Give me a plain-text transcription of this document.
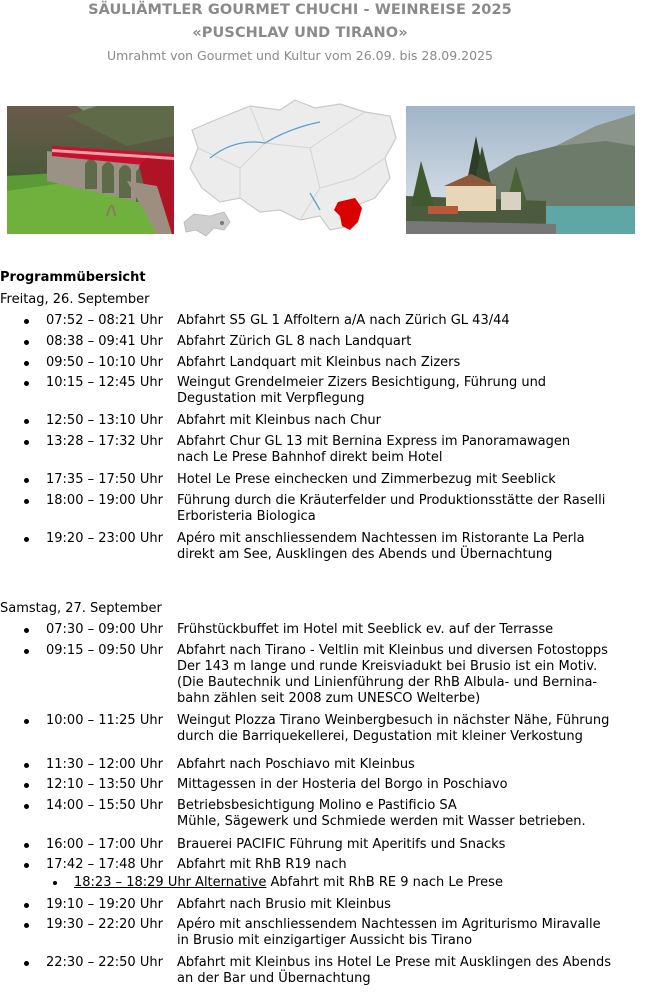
SÄULIÄMTLER GOURMET CHUCHI - WEINREISE 2025
«PUSCHLAV UND TIRANO»
Umrahmt von Gourmet und Kultur vom 26.09. bis 28.09.2025
Programmübersicht
Freitag, 26. September
07:52 – 08:21 Uhr	Abfahrt S5 GL 1 Affoltern a/A nach Zürich GL 43/44
08:38 – 09:41 Uhr	Abfahrt Zürich GL 8 nach Landquart
09:50 – 10:10 Uhr	Abfahrt Landquart mit Kleinbus nach Zizers
10:15 – 12:45 Uhr	Weingut Grendelmeier Zizers Besichtigung, Führung und
Degustation mit Verpflegung
12:50 – 13:10 Uhr	Abfahrt mit Kleinbus nach Chur
13:28 – 17:32 Uhr	Abfahrt Chur GL 13 mit Bernina Express im Panoramawagen
nach Le Prese Bahnhof direkt beim Hotel
17:35 – 17:50 Uhr	Hotel Le Prese einchecken und Zimmerbezug mit Seeblick
18:00 – 19:00 Uhr	Führung durch die Kräuterfelder und Produktionsstätte der Raselli
Erboristeria Biologica
19:20 – 23:00 Uhr	Apéro mit anschliessendem Nachtessen im Ristorante La Perla
direkt am See, Ausklingen des Abends und Übernachtung
Samstag, 27. September
07:30 – 09:00 Uhr	Frühstückbuffet im Hotel mit Seeblick ev. auf der Terrasse
09:15 – 09:50 Uhr	Abfahrt nach Tirano - Veltlin mit Kleinbus und diversen Fotostopps
Der 143 m lange und runde Kreisviadukt bei Brusio ist ein Motiv.
(Die Bautechnik und Linienführung der RhB Albula- und Bernina-
bahn zählen seit 2008 zum UNESCO Welterbe)
10:00 – 11:25 Uhr	Weingut Plozza Tirano Weinbergbesuch in nächster Nähe, Führung
durch die Barriquekellerei, Degustation mit kleiner Verkostung
11:30 – 12:00 Uhr	Abfahrt nach Poschiavo mit Kleinbus
12:10 – 13:50 Uhr	Mittagessen in der Hosteria del Borgo in Poschiavo
14:00 – 15:50 Uhr	Betriebsbesichtigung Molino e Pastificio SA
Mühle, Sägewerk und Schmiede werden mit Wasser betrieben.
16:00 – 17:00 Uhr	Brauerei PACIFIC Führung mit Aperitifs und Snacks
17:42 – 17:48 Uhr	Abfahrt mit RhB R19 nach
18:23 – 18:29 Uhr Alternative Abfahrt mit RhB RE 9 nach Le Prese
19:10 – 19:20 Uhr	Abfahrt nach Brusio mit Kleinbus
19:30 – 22:20 Uhr	Apéro mit anschliessendem Nachtessen im Agriturismo Miravalle
in Brusio mit einzigartiger Aussicht bis Tirano
22:30 – 22:50 Uhr	Abfahrt mit Kleinbus ins Hotel Le Prese mit Ausklingen des Abends
an der Bar und Übernachtung
